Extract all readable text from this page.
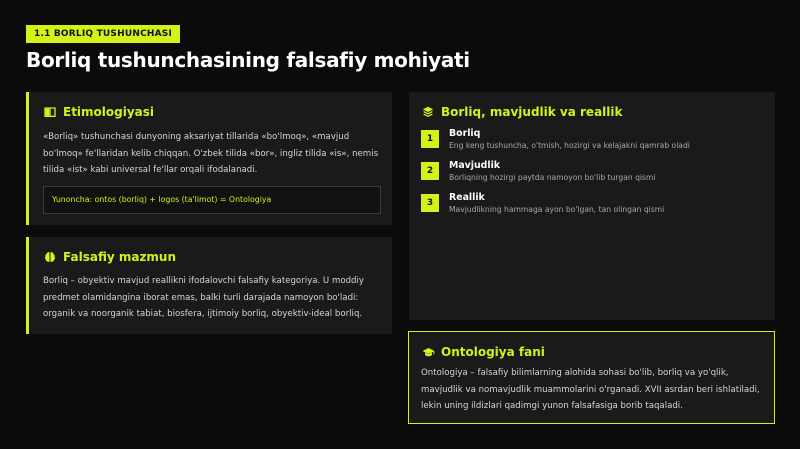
1.1 BORLIQ TUSHUNCHASI
Borliq tushunchasining falsafiy mohiyati
Etimologiyasi
«Borliq» tushunchasi dunyoning aksariyat tillarida «bo'lmoq», «mavjud bo'lmoq» fe'llaridan kelib chiqqan. O'zbek tilida «bor», ingliz tilida «is», nemis tilida «ist» kabi universal fe'llar orqali ifodalanadi.
Yunoncha: ontos (borliq) + logos (ta'limot) = Ontologiya
Falsafiy mazmun
Borliq – obyektiv mavjud reallikni ifodalovchi falsafiy kategoriya. U moddiy predmet olamidangina iborat emas, balki turli darajada namoyon bo'ladi: organik va noorganik tabiat, biosfera, ijtimoiy borliq, obyektiv-ideal borliq.
Borliq, mavjudlik va reallik
1	Borliq
Eng keng tushuncha, o'tmish, hozirgi va kelajakni qamrab oladi
2	Mavjudlik
Borliqning hozirgi paytda namoyon bo'lib turgan qismi
3	Reallik
Mavjudlikning hammaga ayon bo'lgan, tan olingan qismi
Ontologiya fani
Ontologiya – falsafiy bilimlarning alohida sohasi bo'lib, borliq va yo'qlik, mavjudlik va nomavjudlik muammolarini o'rganadi. XVII asrdan beri ishlatiladi, lekin uning ildizlari qadimgi yunon falsafasiga borib taqaladi.
